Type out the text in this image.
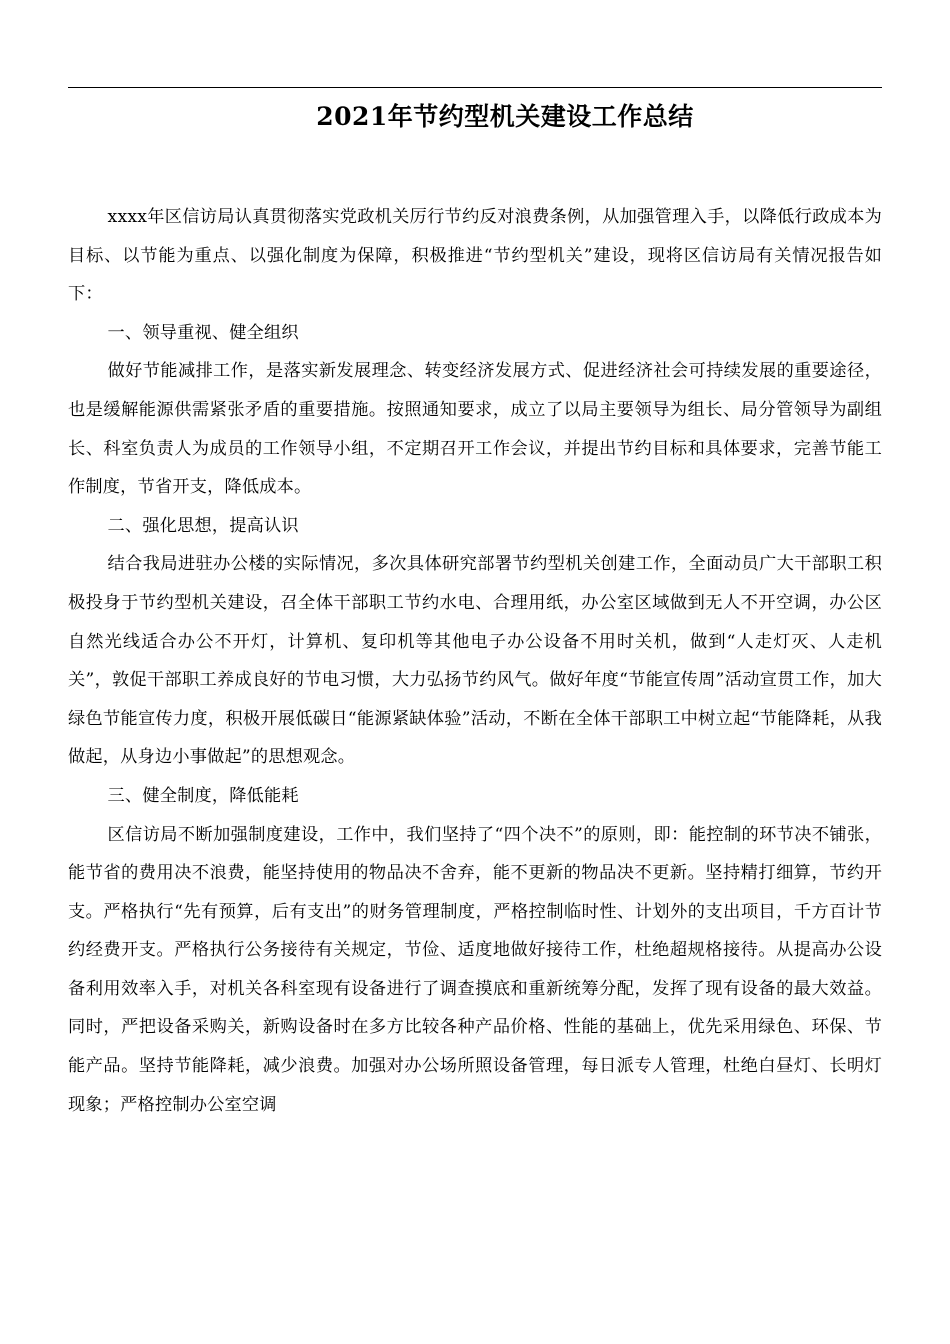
2021年节约型机关建设工作总结

xxxx年区信访局认真贯彻落实党政机关厉行节约反对浪费条例，从加强管理入手，以降低行政成本为目标、以节能为重点、以强化制度为保障，积极推进“节约型机关”建设，现将区信访局有关情况报告如下：

一、领导重视、健全组织

做好节能减排工作，是落实新发展理念、转变经济发展方式、促进经济社会可持续发展的重要途径，也是缓解能源供需紧张矛盾的重要措施。按照通知要求，成立了以局主要领导为组长、局分管领导为副组长、科室负责人为成员的工作领导小组，不定期召开工作会议，并提出节约目标和具体要求，完善节能工作制度，节省开支，降低成本。

二、强化思想，提高认识

结合我局进驻办公楼的实际情况，多次具体研究部署节约型机关创建工作，全面动员广大干部职工积极投身于节约型机关建设，召全体干部职工节约水电、合理用纸，办公室区域做到无人不开空调，办公区自然光线适合办公不开灯，计算机、复印机等其他电子办公设备不用时关机，做到“人走灯灭、人走机关”，敦促干部职工养成良好的节电习惯，大力弘扬节约风气。做好年度“节能宣传周”活动宣贯工作，加大绿色节能宣传力度，积极开展低碳日“能源紧缺体验”活动，不断在全体干部职工中树立起“节能降耗，从我做起，从身边小事做起”的思想观念。

三、健全制度，降低能耗

区信访局不断加强制度建设，工作中，我们坚持了“四个决不”的原则，即：能控制的环节决不铺张，能节省的费用决不浪费，能坚持使用的物品决不舍弃，能不更新的物品决不更新。坚持精打细算，节约开支。严格执行“先有预算，后有支出”的财务管理制度，严格控制临时性、计划外的支出项目，千方百计节约经费开支。严格执行公务接待有关规定，节俭、适度地做好接待工作，杜绝超规格接待。从提高办公设备利用效率入手，对机关各科室现有设备进行了调查摸底和重新统筹分配，发挥了现有设备的最大效益。同时，严把设备采购关，新购设备时在多方比较各种产品价格、性能的基础上，优先采用绿色、环保、节能产品。坚持节能降耗，减少浪费。加强对办公场所照设备管理，每日派专人管理，杜绝白昼灯、长明灯现象；严格控制办公室空调
